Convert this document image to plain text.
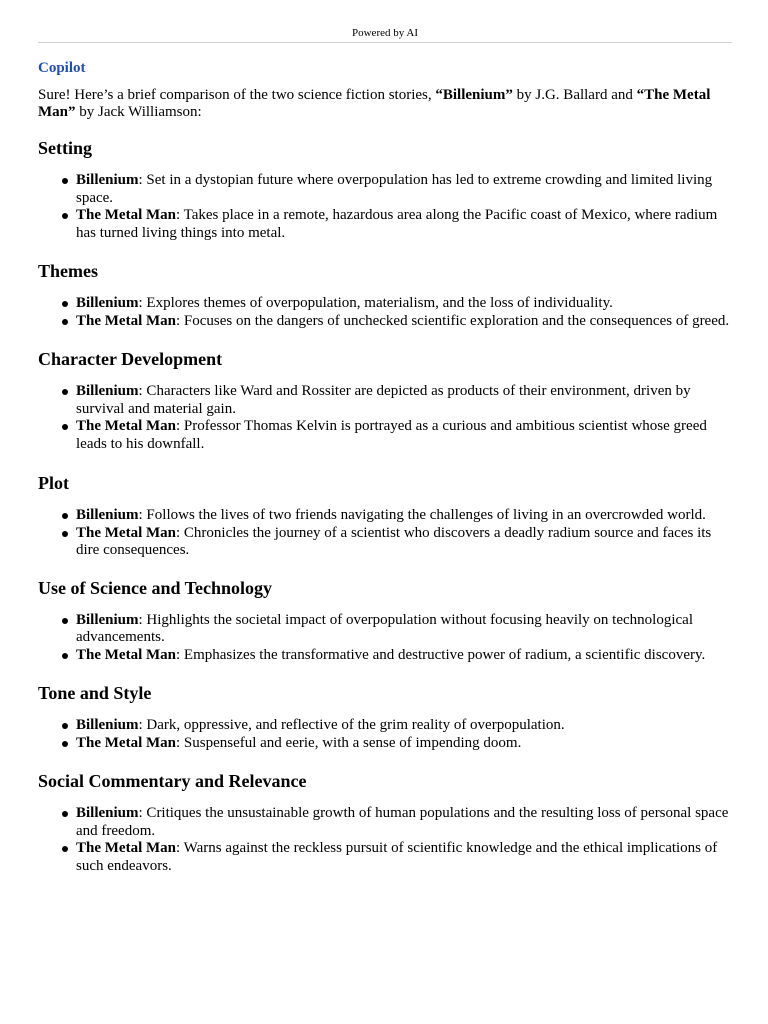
Powered by AI
Copilot

Sure! Here’s a brief comparison of the two science fiction stories, “Billenium” by J.G. Ballard and “The Metal Man” by Jack Williamson:

Setting
Billenium: Set in a dystopian future where overpopulation has led to extreme crowding and limited living space.
The Metal Man: Takes place in a remote, hazardous area along the Pacific coast of Mexico, where radium has turned living things into metal.
Themes
Billenium: Explores themes of overpopulation, materialism, and the loss of individuality.
The Metal Man: Focuses on the dangers of unchecked scientific exploration and the consequences of greed.
Character Development
Billenium: Characters like Ward and Rossiter are depicted as products of their environment, driven by survival and material gain.
The Metal Man: Professor Thomas Kelvin is portrayed as a curious and ambitious scientist whose greed leads to his downfall.
Plot
Billenium: Follows the lives of two friends navigating the challenges of living in an overcrowded world.
The Metal Man: Chronicles the journey of a scientist who discovers a deadly radium source and faces its dire consequences.
Use of Science and Technology
Billenium: Highlights the societal impact of overpopulation without focusing heavily on technological advancements.
The Metal Man: Emphasizes the transformative and destructive power of radium, a scientific discovery.
Tone and Style
Billenium: Dark, oppressive, and reflective of the grim reality of overpopulation.
The Metal Man: Suspenseful and eerie, with a sense of impending doom.
Social Commentary and Relevance
Billenium: Critiques the unsustainable growth of human populations and the resulting loss of personal space and freedom.
The Metal Man: Warns against the reckless pursuit of scientific knowledge and the ethical implications of such endeavors.
